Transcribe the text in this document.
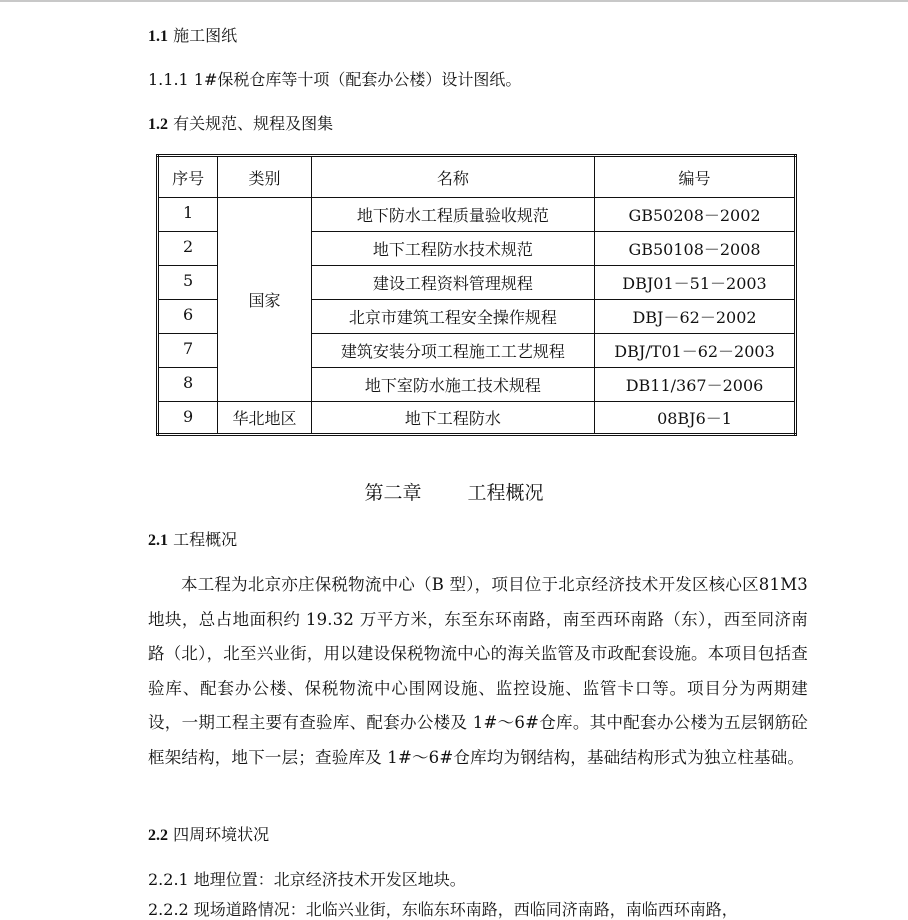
1.1 施工图纸
1.1.1 1#保税仓库等十项（配套办公楼）设计图纸。
1.2 有关规范、规程及图集
序号	类别	名称	编号
1	国家	地下防水工程质量验收规范	GB50208－2002
2		地下工程防水技术规范	GB50108－2008
5		建设工程资料管理规程	DBJ01－51－2003
6		北京市建筑工程安全操作规程	DBJ－62－2002
7		建筑安装分项工程施工工艺规程	DBJ/T01－62－2003
8		地下室防水施工技术规程	DB11/367－2006
9	华北地区	地下工程防水	08BJ6－1
第二章 工程概况
2.1 工程概况
本工程为北京亦庄保税物流中心（B 型），项目位于北京经济技术开发区核心区81M3 地块，总占地面积约 19.32 万平方米，东至东环南路，南至西环南路（东），西至同济南路（北），北至兴业街，用以建设保税物流中心的海关监管及市政配套设施。本项目包括查验库、配套办公楼、保税物流中心围网设施、监控设施、监管卡口等。项目分为两期建设，一期工程主要有查验库、配套办公楼及 1#～6#仓库。其中配套办公楼为五层钢筋砼框架结构，地下一层；查验库及 1#～6#仓库均为钢结构，基础结构形式为独立柱基础。
2.2 四周环境状况
2.2.1 地理位置：北京经济技术开发区地块。
2.2.2 现场道路情况：北临兴业街，东临东环南路，西临同济南路，南临西环南路，
